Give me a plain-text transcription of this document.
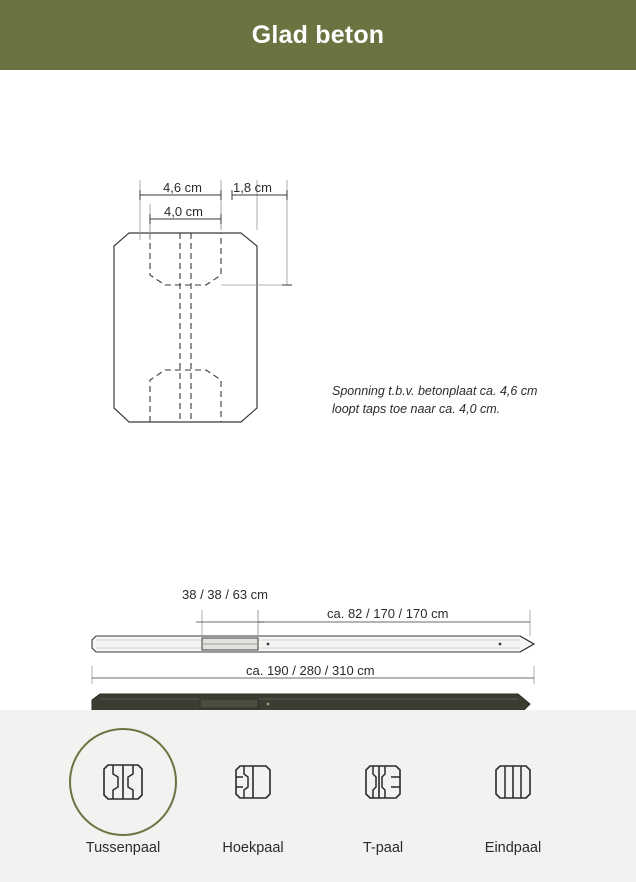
Glad beton
4,6 cm
4,0 cm
1,8 cm
38 / 38 / 63 cm
ca. 82 / 170 / 170 cm
ca. 190 / 280 / 310 cm
Sponning t.b.v. betonplaat ca. 4,6 cm loopt taps toe naar ca. 4,0 cm.
Tussenpaal	Hoekpaal	T-paal	Eindpaal
